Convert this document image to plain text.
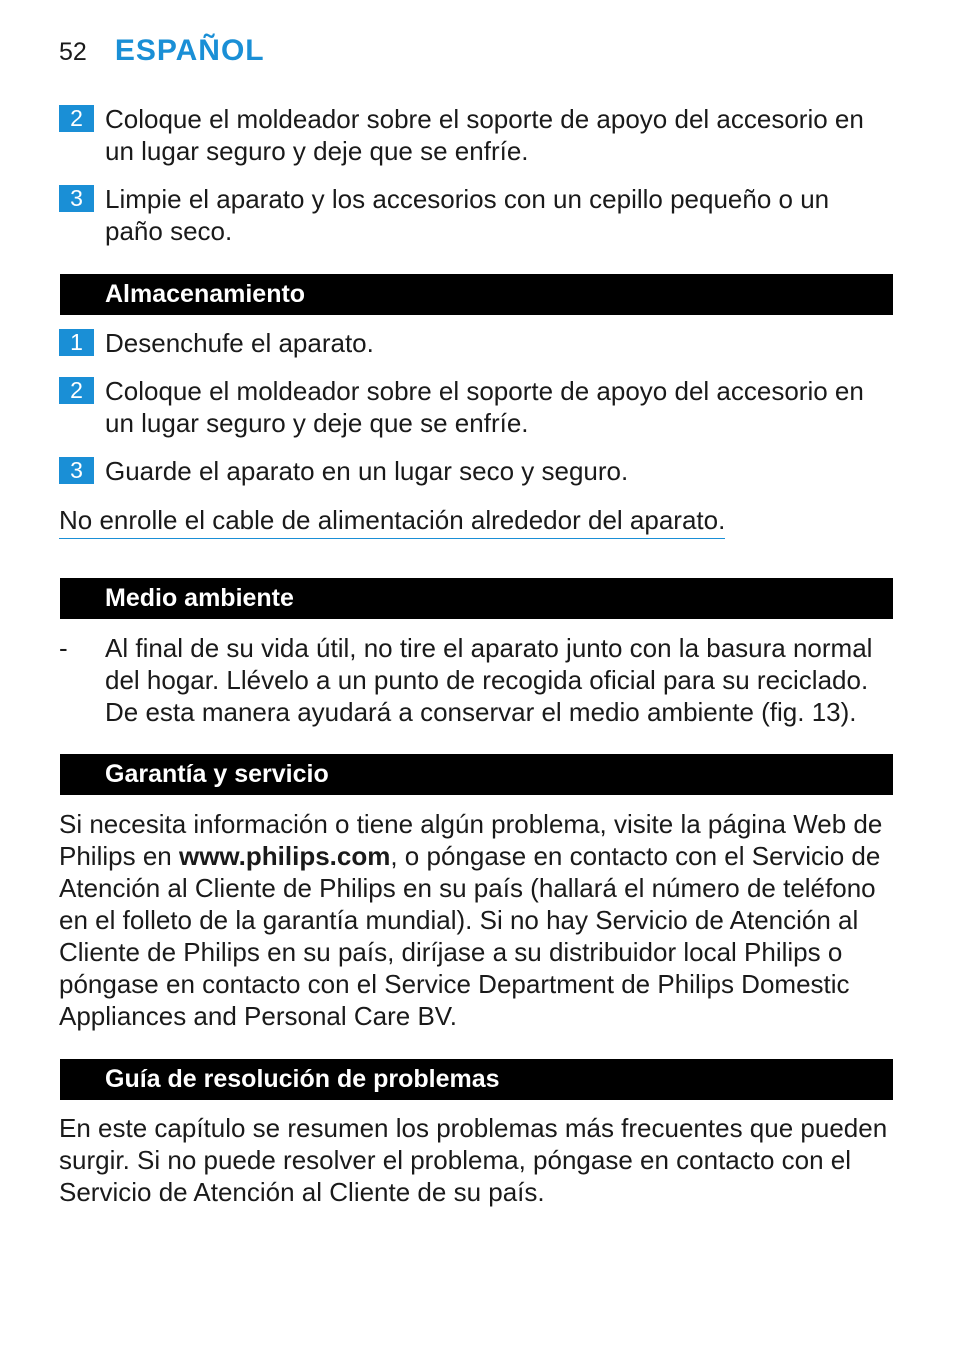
52 ESPAÑOL
2 Coloque el moldeador sobre el soporte de apoyo del accesorio en un lugar seguro y deje que se enfríe.
3 Limpie el aparato y los accesorios con un cepillo pequeño o un paño seco.
Almacenamiento
1 Desenchufe el aparato.
2 Coloque el moldeador sobre el soporte de apoyo del accesorio en un lugar seguro y deje que se enfríe.
3 Guarde el aparato en un lugar seco y seguro.
No enrolle el cable de alimentación alrededor del aparato.
Medio ambiente
- Al final de su vida útil, no tire el aparato junto con la basura normal del hogar. Llévelo a un punto de recogida oficial para su reciclado. De esta manera ayudará a conservar el medio ambiente (fig. 13).
Garantía y servicio
Si necesita información o tiene algún problema, visite la página Web de Philips en www.philips.com, o póngase en contacto con el Servicio de Atención al Cliente de Philips en su país (hallará el número de teléfono en el folleto de la garantía mundial). Si no hay Servicio de Atención al Cliente de Philips en su país, diríjase a su distribuidor local Philips o póngase en contacto con el Service Department de Philips Domestic Appliances and Personal Care BV.
Guía de resolución de problemas
En este capítulo se resumen los problemas más frecuentes que pueden surgir. Si no puede resolver el problema, póngase en contacto con el Servicio de Atención al Cliente de su país.
